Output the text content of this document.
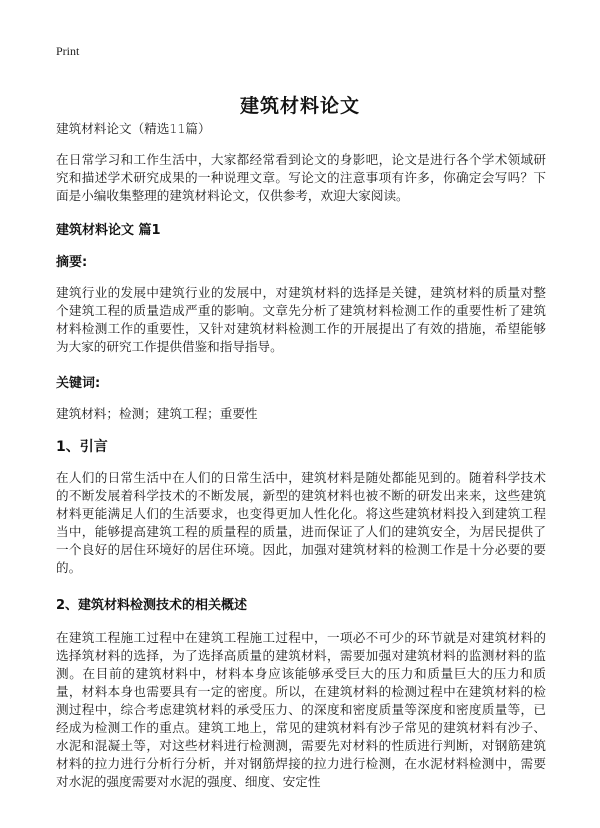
Print
建筑材料论文

建筑材料论文（精选11篇）

在日常学习和工作生活中，大家都经常看到论文的身影吧，论文是进行各个学术领域研究和描述学术研究成果的一种说理文章。写论文的注意事项有许多，你确定会写吗？下面是小编收集整理的建筑材料论文，仅供参考，欢迎大家阅读。

建筑材料论文 篇1
摘要:

建筑行业的发展中建筑行业的发展中，对建筑材料的选择是关键，建筑材料的质量对整个建筑工程的质量造成严重的影响。文章先分析了建筑材料检测工作的重要性析了建筑材料检测工作的重要性，又针对建筑材料检测工作的开展提出了有效的措施，希望能够为大家的研究工作提供借鉴和指导指导。

关键词:

建筑材料；检测；建筑工程；重要性

1、引言

在人们的日常生活中在人们的日常生活中，建筑材料是随处都能见到的。随着科学技术的不断发展着科学技术的不断发展，新型的建筑材料也被不断的研发出来来，这些建筑材料更能满足人们的生活要求，也变得更加人性化化。将这些建筑材料投入到建筑工程当中，能够提高建筑工程的质量程的质量，进而保证了人们的建筑安全，为居民提供了一个良好的居住环境好的居住环境。因此，加强对建筑材料的检测工作是十分必要的要的。

2、建筑材料检测技术的相关概述

在建筑工程施工过程中在建筑工程施工过程中，一项必不可少的环节就是对建筑材料的选择筑材料的选择，为了选择高质量的建筑材料，需要加强对建筑材料的监测材料的监测。在目前的建筑材料中，材料本身应该能够承受巨大的压力和质量巨大的压力和质量，材料本身也需要具有一定的密度。所以，在建筑材料的检测过程中在建筑材料的检测过程中，综合考虑建筑材料的承受压力、的深度和密度质量等深度和密度质量等，已经成为检测工作的重点。建筑工地上，常见的建筑材料有沙子常见的建筑材料有沙子、水泥和混凝土等，对这些材料进行检测测，需要先对材料的性质进行判断，对钢筋建筑材料的拉力进行分析行分析，并对钢筋焊接的拉力进行检测，在水泥材料检测中，需要对水泥的强度需要对水泥的强度、细度、安定性
